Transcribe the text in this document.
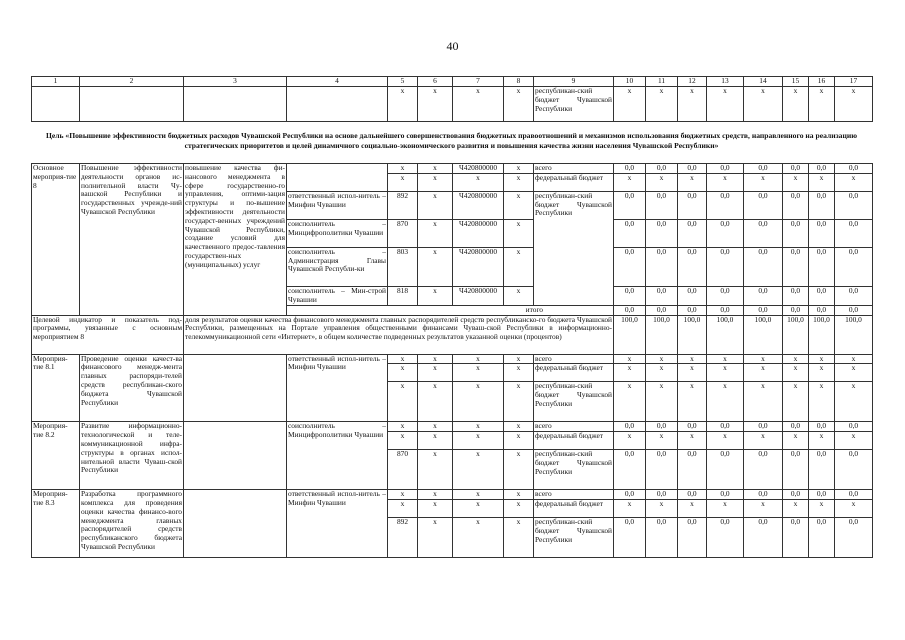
40
1	2	3	4	5	6	7	8	9	10	11	12	13	14	15	16	17
				x	x	x	x	республикан-ский бюджет Чувашской Республики	x	x	x	x	x	x	x	x
Цель «Повышение эффективности бюджетных расходов Чувашской Республики на основе дальнейшего совершенствования бюджетных правоотношений и механизмов использования бюджетных средств, направленного на реализацию стратегических приоритетов и целей динамичного социально-экономического развития и повышения качества жизни населения Чувашской Республики»
Основное мероприя-тие 8	Повышение эффективности деятельности органов ис-полнительной власти Чу-вашской Республики и государственных учрежде-ний Чувашской Республики	повышение качества фи-нансового менеджмента в сфере государственно-го управления, оптими-зация структуры и по-вышение эффективности деятельности государст-венных учреждений Чувашской Республики, создание условий для качественного предос-тавления государствен-ных (муниципальных) услуг		x	x	Ч420800000	x	всего	0,0	0,0	0,0	0,0	0,0	0,0	0,0	0,0
				x	x	x	x	федеральный бюджет	x	x	x	x	x	x	x	x
			ответственный испол-нитель – Минфин Чувашии	892	x	Ч420800000	x	республикан-ский бюджет Чувашской Республики	0,0	0,0	0,0	0,0	0,0	0,0	0,0	0,0
			соисполнитель – Минцифрополитики Чувашии	870	x	Ч420800000	x		0,0	0,0	0,0	0,0	0,0	0,0	0,0	0,0
			соисполнитель – Администрация Главы Чувашской Республи-ки	803	x	Ч420800000	x		0,0	0,0	0,0	0,0	0,0	0,0	0,0	0,0
			соисполнитель – Мин-строй Чувашии	818	x	Ч420800000	x		0,0	0,0	0,0	0,0	0,0	0,0	0,0	0,0
			итого						0,0	0,0	0,0	0,0	0,0	0,0	0,0	0,0
Целевой индикатор и показатель под-программы, увязанные с основным мероприятием 8		доля результатов оценки качества финансового менеджмента главных распорядителей средств республиканско-го бюджета Чувашской Республики, размещенных на Портале управления общественными финансами Чуваш-ской Республики в информационно-телекоммуникационной сети «Интернет», в общем количестве подведенных результатов указанной оценки (процентов)							100,0	100,0	100,0	100,0	100,0	100,0	100,0	100,0
Мероприя-тие 8.1	Проведение оценки качест-ва финансового менедж-мента главных распоряди-телей средств республикан-ского бюджета Чувашской Республики		ответственный испол-нитель – Минфин Чувашии	x	x	x	x	всего	x	x	x	x	x	x	x	x
				x	x	x	x	федеральный бюджет	x	x	x	x	x	x	x	x
				x	x	x	x	республикан-ский бюджет Чувашской Республики	x	x	x	x	x	x	x	x
Мероприя-тие 8.2	Развитие информационно-технологической и теле-коммуникационной инфра-структуры в органах испол-нительной власти Чуваш-ской Республики		соисполнитель – Минцифрополитики Чувашии	x	x	x	x	всего	0,0	0,0	0,0	0,0	0,0	0,0	0,0	0,0
				x	x	x	x	федеральный бюджет	x	x	x	x	x	x	x	x
				870	x	x	x	республикан-ский бюджет Чувашской Республики	0,0	0,0	0,0	0,0	0,0	0,0	0,0	0,0
Мероприя-тие 8.3	Разработка программного комплекса для проведения оценки качества финансо-вого менеджмента главных распорядителей средств республиканского бюджета Чувашской Республики		ответственный испол-нитель – Минфин Чувашии	x	x	x	x	всего	0,0	0,0	0,0	0,0	0,0	0,0	0,0	0,0
				x	x	x	x	федеральный бюджет	x	x	x	x	x	x	x	x
				892	x	x	x	республикан-ский бюджет Чувашской Республики	0,0	0,0	0,0	0,0	0,0	0,0	0,0	0,0
